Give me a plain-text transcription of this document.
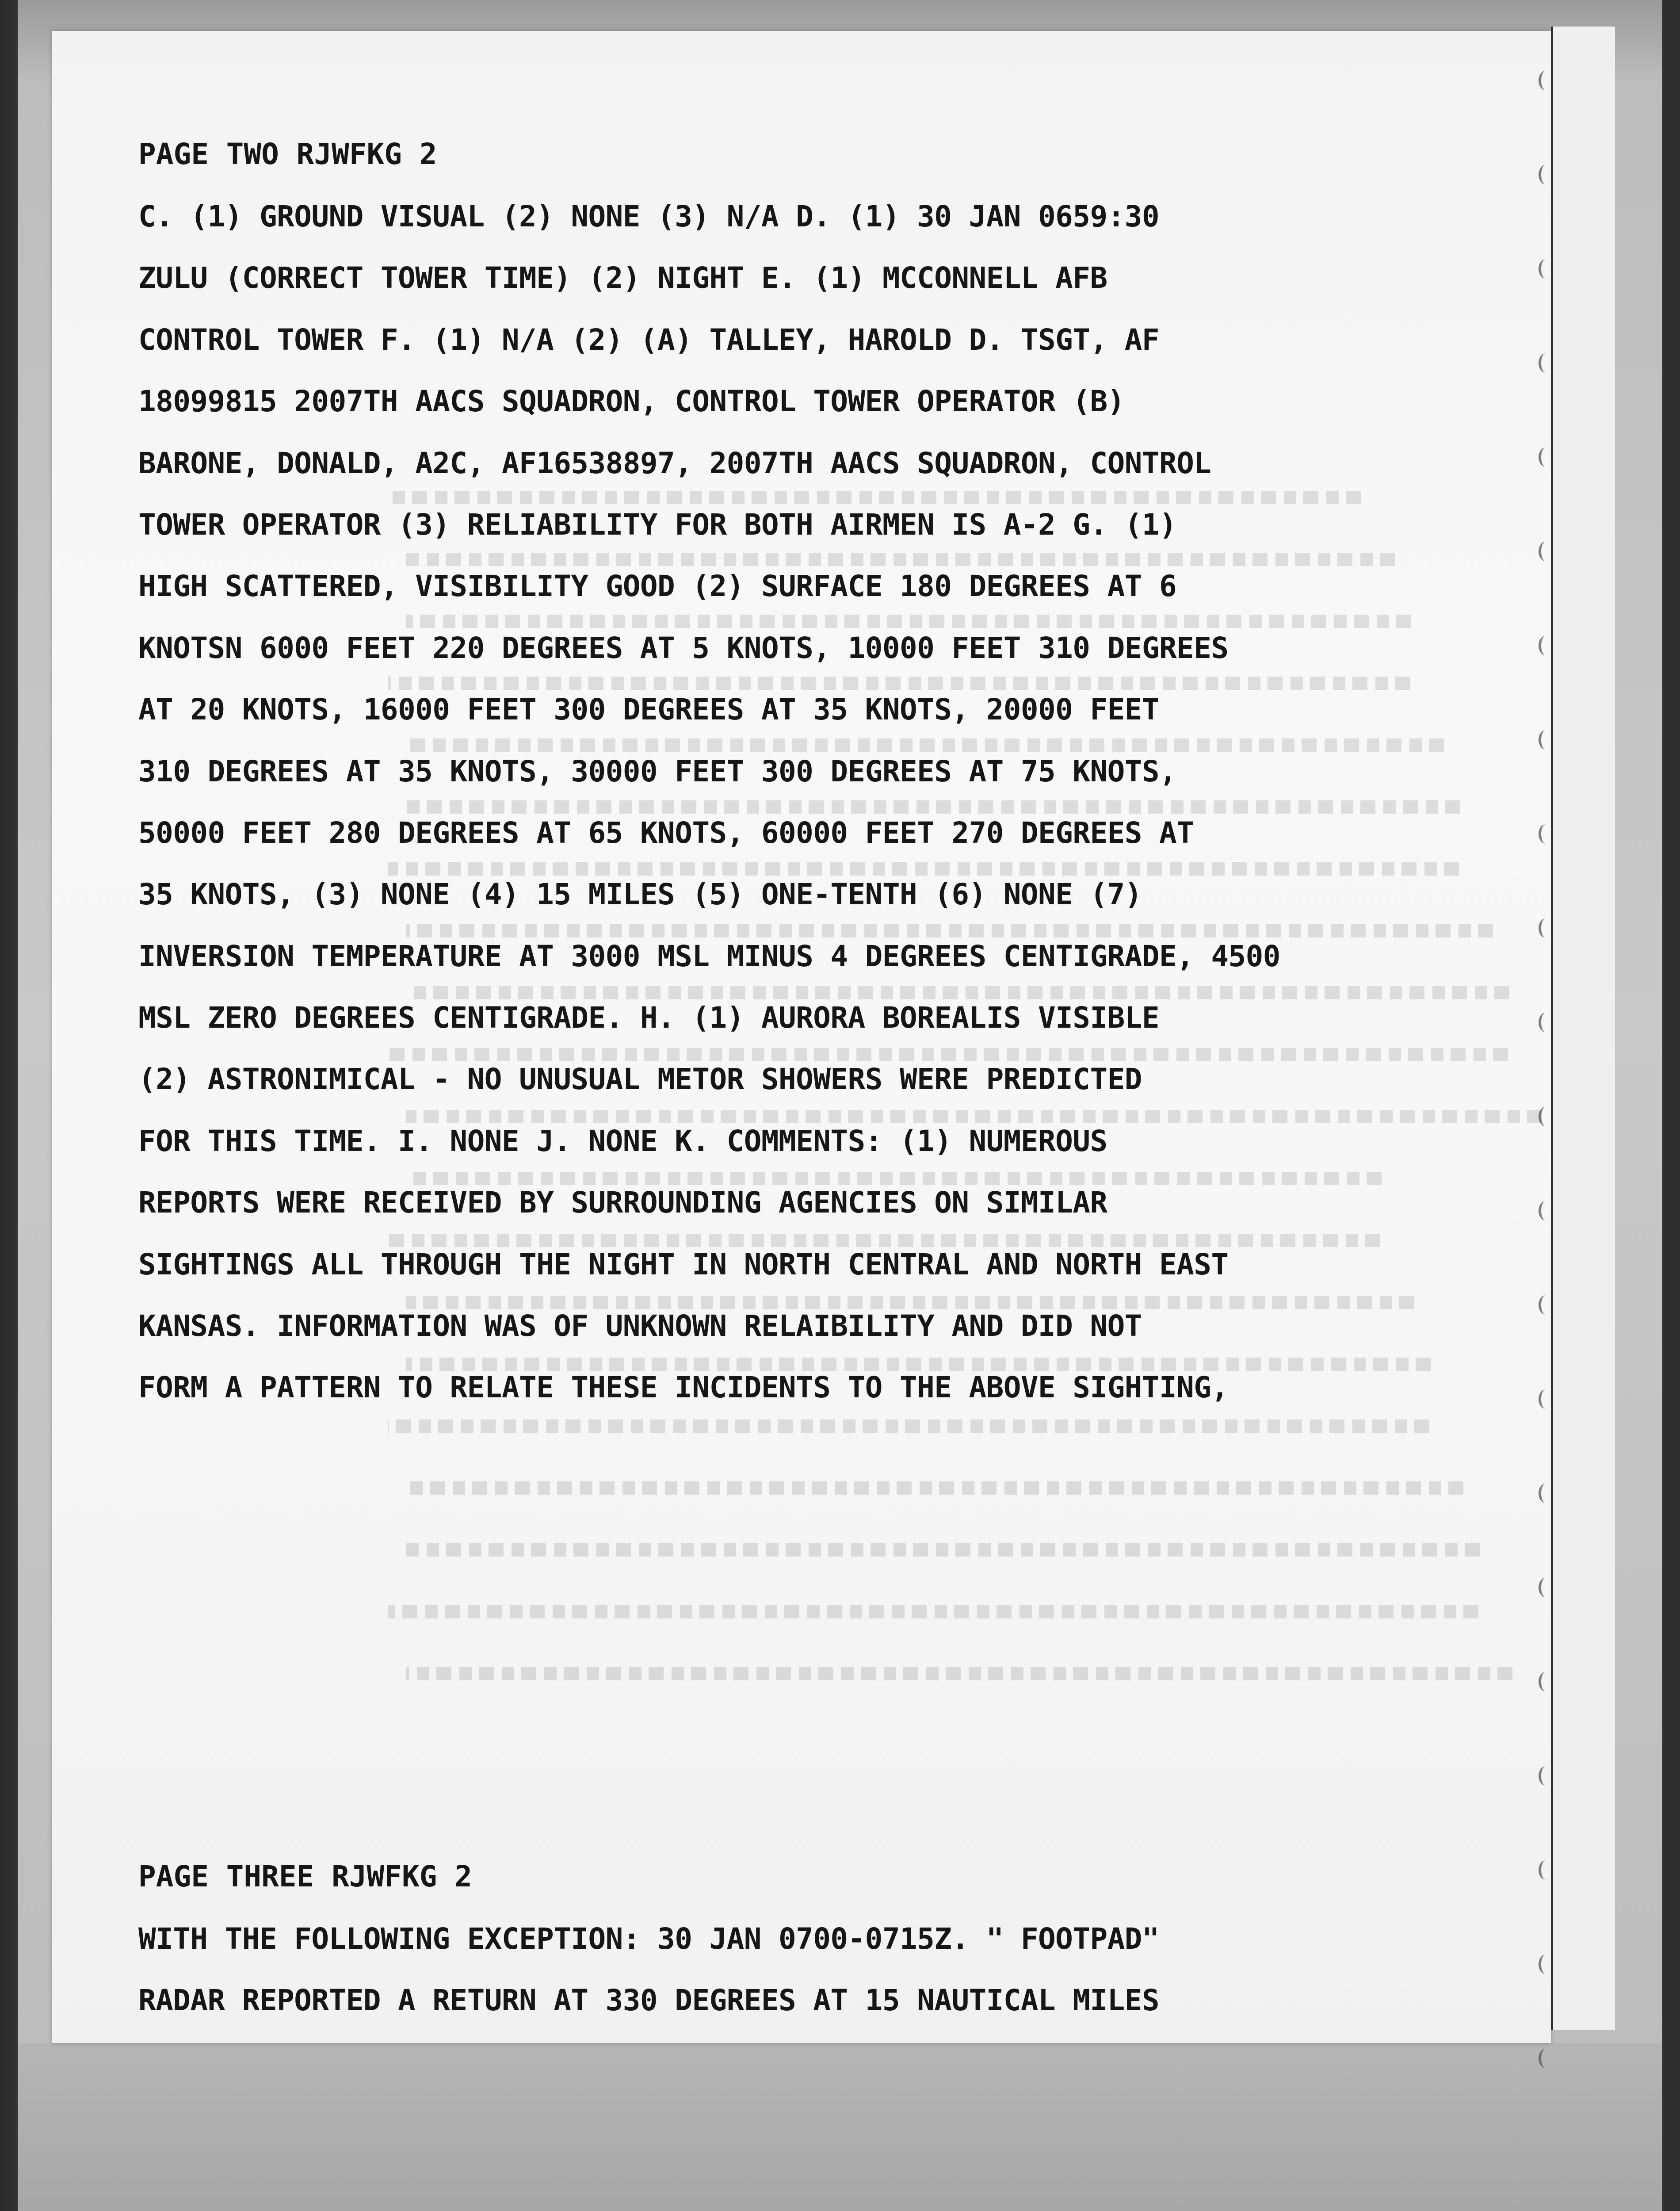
PAGE TWO RJWFKG 2
C. (1) GROUND VISUAL (2) NONE (3) N/A D. (1) 30 JAN 0659:30
ZULU (CORRECT TOWER TIME) (2) NIGHT E. (1) MCCONNELL AFB
CONTROL TOWER F. (1) N/A (2) (A) TALLEY, HAROLD D. TSGT, AF
18099815 2007TH AACS SQUADRON, CONTROL TOWER OPERATOR (B)
BARONE, DONALD, A2C, AF16538897, 2007TH AACS SQUADRON, CONTROL
TOWER OPERATOR (3) RELIABILITY FOR BOTH AIRMEN IS A-2 G. (1)
HIGH SCATTERED, VISIBILITY GOOD (2) SURFACE 180 DEGREES AT 6
KNOTSN 6000 FEET 220 DEGREES AT 5 KNOTS, 10000 FEET 310 DEGREES
AT 20 KNOTS, 16000 FEET 300 DEGREES AT 35 KNOTS, 20000 FEET
310 DEGREES AT 35 KNOTS, 30000 FEET 300 DEGREES AT 75 KNOTS,
50000 FEET 280 DEGREES AT 65 KNOTS, 60000 FEET 270 DEGREES AT
35 KNOTS, (3) NONE (4) 15 MILES (5) ONE-TENTH (6) NONE (7)
INVERSION TEMPERATURE AT 3000 MSL MINUS 4 DEGREES CENTIGRADE, 4500
MSL ZERO DEGREES CENTIGRADE. H. (1) AURORA BOREALIS VISIBLE
(2) ASTRONIMICAL - NO UNUSUAL METOR SHOWERS WERE PREDICTED
FOR THIS TIME. I. NONE J. NONE K. COMMENTS: (1) NUMEROUS
REPORTS WERE RECEIVED BY SURROUNDING AGENCIES ON SIMILAR
SIGHTINGS ALL THROUGH THE NIGHT IN NORTH CENTRAL AND NORTH EAST
KANSAS. INFORMATION WAS OF UNKNOWN RELAIBILITY AND DID NOT
FORM A PATTERN TO RELATE THESE INCIDENTS TO THE ABOVE SIGHTING,
PAGE THREE RJWFKG 2
WITH THE FOLLOWING EXCEPTION: 30 JAN 0700-0715Z. " FOOTPAD"
RADAR REPORTED A RETURN AT 330 DEGREES AT 15 NAUTICAL MILES
